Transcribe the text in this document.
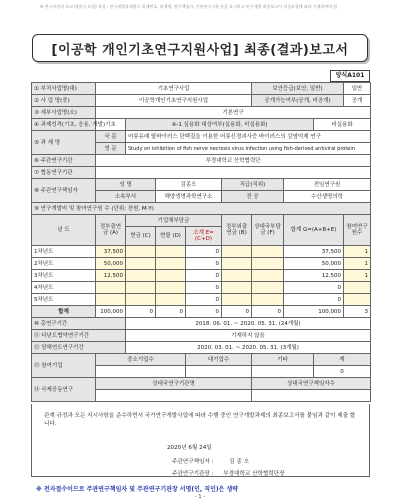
※ 연구비관리 보고서(별지 포함) 작성 : 연구개발과제별로 과제번호, 과제명, 연구책임자, 주관연구기관 등을 표기하고 연구개발 최종보고서 작성요령에 따라 기재하여야 함
[이공학 개인기초연구지원사업] 최종(결과)보고서
양식A101
① 부처사업명(대)	기초연구사업					보안등급(보안, 일반)			일반
② 사 업 명(중)	이공학개인기초연구지원사업					공개가능여부(공개, 비공개)			공개
③ 세부사업명(소)	기본연구								
④ 과제성격(기초, 응용, 개발)	기초	④-1 실용화 대상여부(실용화, 비실용화)						비실용화	
⑤ 과 제 명	국 문	어류유래 탈바이러스 단백질을 이용한 어류신경괴사증 바이러스의 감염억제 연구							
	영 문	Study on inhibition of fish nerve necrosis virus infection using fish-derived antiviral protein							
⑥ 주관연구기관	부경대학교 산학협력단								
⑦ 협동연구기관									
⑧ 주관연구책임자	성 명		김종오		직급(직위)		전임연구원		
	소속부서		해양생명과학연구소		전 공		수산생명의학		
⑨ 연구개발비 및 참여연구원 수 (단위: 천원, M·Y)									
년 도	정부출연금 (A)	기업체부담금			정부외출연금 (B)	상대국부담금 (F)	합계 G=(A+B+E)		참여연구원수
		현금 (C)	현물 (D)	소계 E=(C+D)					
1차년도	37,500			0			37,500		1
2차년도	50,000			0			50,000		1
3차년도	12,500			0			12,500		1
4차년도				0			0		
5차년도				0			0		
합계	100,000	0	0	0	0	0	100,000		3
⑩ 총연구기간		2018. 06. 01. ~ 2020. 05. 31. (24개월)							
⑪ 다년도협약연구기간		기재하지 않음							
⑫ 당해연도연구기간		2020. 03. 01. ~ 2020. 05. 31. (3개월)							
⑬ 참여기업	중소기업수			대기업수		기타		계	
								0	
⑭ 국제공동연구	상대국연구기관명					상대국연구책임자수			

관계 규정과 모든 지시사항을 준수하면서 국가연구개발사업에 따라 수행 중인 연구개발과제의 최종보고서를 붙임과 같이 제출 합니다.
2020년 6월 24일
주관연구책임자 :	김 종 오
주관연구기관장 : 부경대학교 산학협력단장
※ 전자접수이므로 주관연구책임자 및 주관연구기관장 서명(인, 직인)은 생략
- 1 -
